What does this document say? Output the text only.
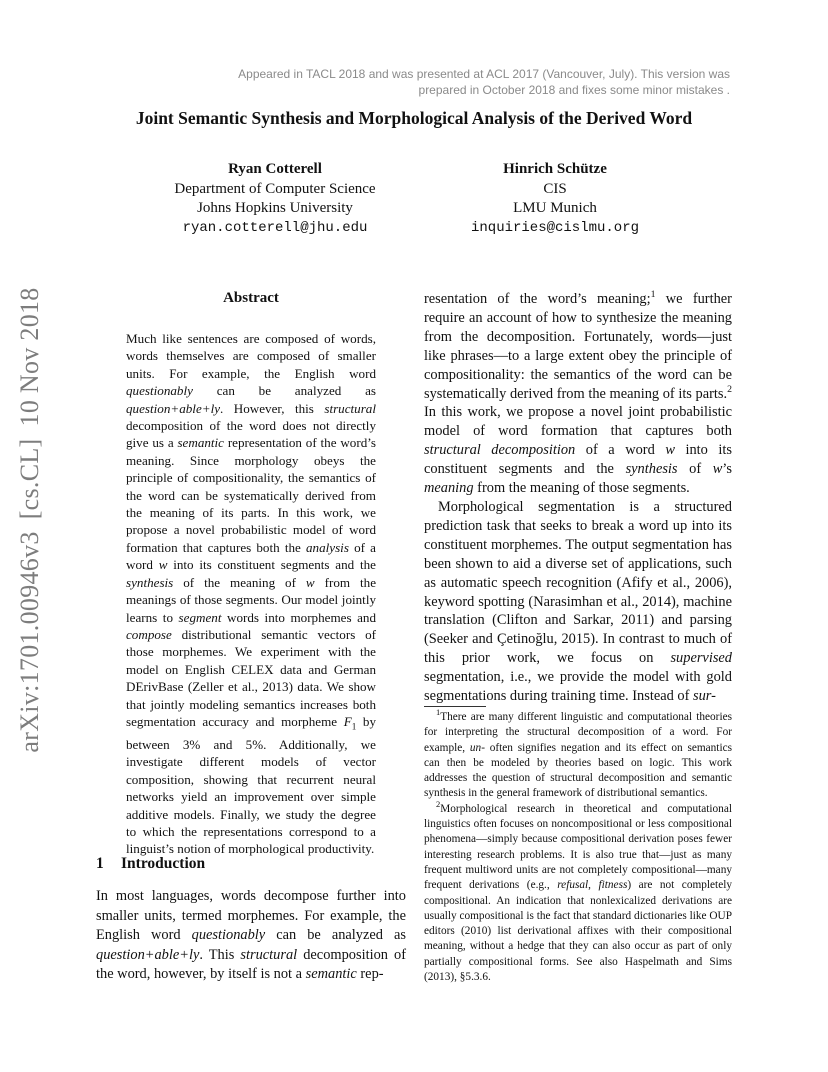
Appeared in TACL 2018 and was presented at ACL 2017 (Vancouver, July). This version was
prepared in October 2018 and fixes some minor mistakes .
Joint Semantic Synthesis and Morphological Analysis of the Derived Word
Ryan Cotterell
Department of Computer Science
Johns Hopkins University
ryan.cotterell@jhu.edu
Hinrich Schütze
CIS
LMU Munich
inquiries@cislmu.org
arXiv:1701.00946v3[cs.CL]10 Nov 2018	Abstract
Much like sentences are composed of words, words themselves are composed of smaller units. For example, the English word questionably can be analyzed as question+able+ly. However, this structural decomposition of the word does not directly give us a semantic representation of the word’s meaning. Since morphology obeys the principle of compositionality, the semantics of the word can be systematically derived from the meaning of its parts. In this work, we propose a novel probabilistic model of word formation that captures both the analysis of a word w into its constituent segments and the synthesis of the meaning of w from the meanings of those segments. Our model jointly learns to segment words into morphemes and compose distributional semantic vectors of those morphemes. We experiment with the model on English CELEX data and German DErivBase (Zeller et al., 2013) data. We show that jointly modeling semantics increases both segmentation accuracy and morpheme $F_1$ by between 3% and 5%. Additionally, we investigate different models of vector composition, showing that recurrent neural networks yield an improvement over simple additive models. Finally, we study the degree to which the representations correspond to a linguist’s notion of morphological productivity.
1 Introduction
In most languages, words decompose further into smaller units, termed morphemes. For example, the English word questionably can be analyzed as question+able+ly. This structural decomposition of the word, however, by itself is not a semantic rep-

resentation of the word’s meaning;$^1$ we further require an account of how to synthesize the meaning from the decomposition. Fortunately, words—just like phrases—to a large extent obey the principle of compositionality: the semantics of the word can be systematically derived from the meaning of its parts.$^2$ In this work, we propose a novel joint probabilistic model of word formation that captures both structural decomposition of a word w into its constituent segments and the synthesis of w’s meaning from the meaning of those segments.

Morphological segmentation is a structured prediction task that seeks to break a word up into its constituent morphemes. The output segmentation has been shown to aid a diverse set of applications, such as automatic speech recognition (Afify et al., 2006), keyword spotting (Narasimhan et al., 2014), machine translation (Clifton and Sarkar, 2011) and parsing (Seeker and Çetinoğlu, 2015). In contrast to much of this prior work, we focus on supervised segmentation, i.e., we provide the model with gold segmentations during training time. Instead of sur-

$^1$There are many different linguistic and computational theories for interpreting the structural decomposition of a word. For example, un- often signifies negation and its effect on semantics can then be modeled by theories based on logic. This work addresses the question of structural decomposition and semantic synthesis in the general framework of distributional semantics.

$^2$Morphological research in theoretical and computational linguistics often focuses on noncompositional or less compositional phenomena—simply because compositional derivation poses fewer interesting research problems. It is also true that—just as many frequent multiword units are not completely compositional—many frequent derivations (e.g., refusal, fitness) are not completely compositional. An indication that nonlexicalized derivations are usually compositional is the fact that standard dictionaries like OUP editors (2010) list derivational affixes with their compositional meaning, without a hedge that they can also occur as part of only partially compositional forms. See also Haspelmath and Sims (2013), §5.3.6.
